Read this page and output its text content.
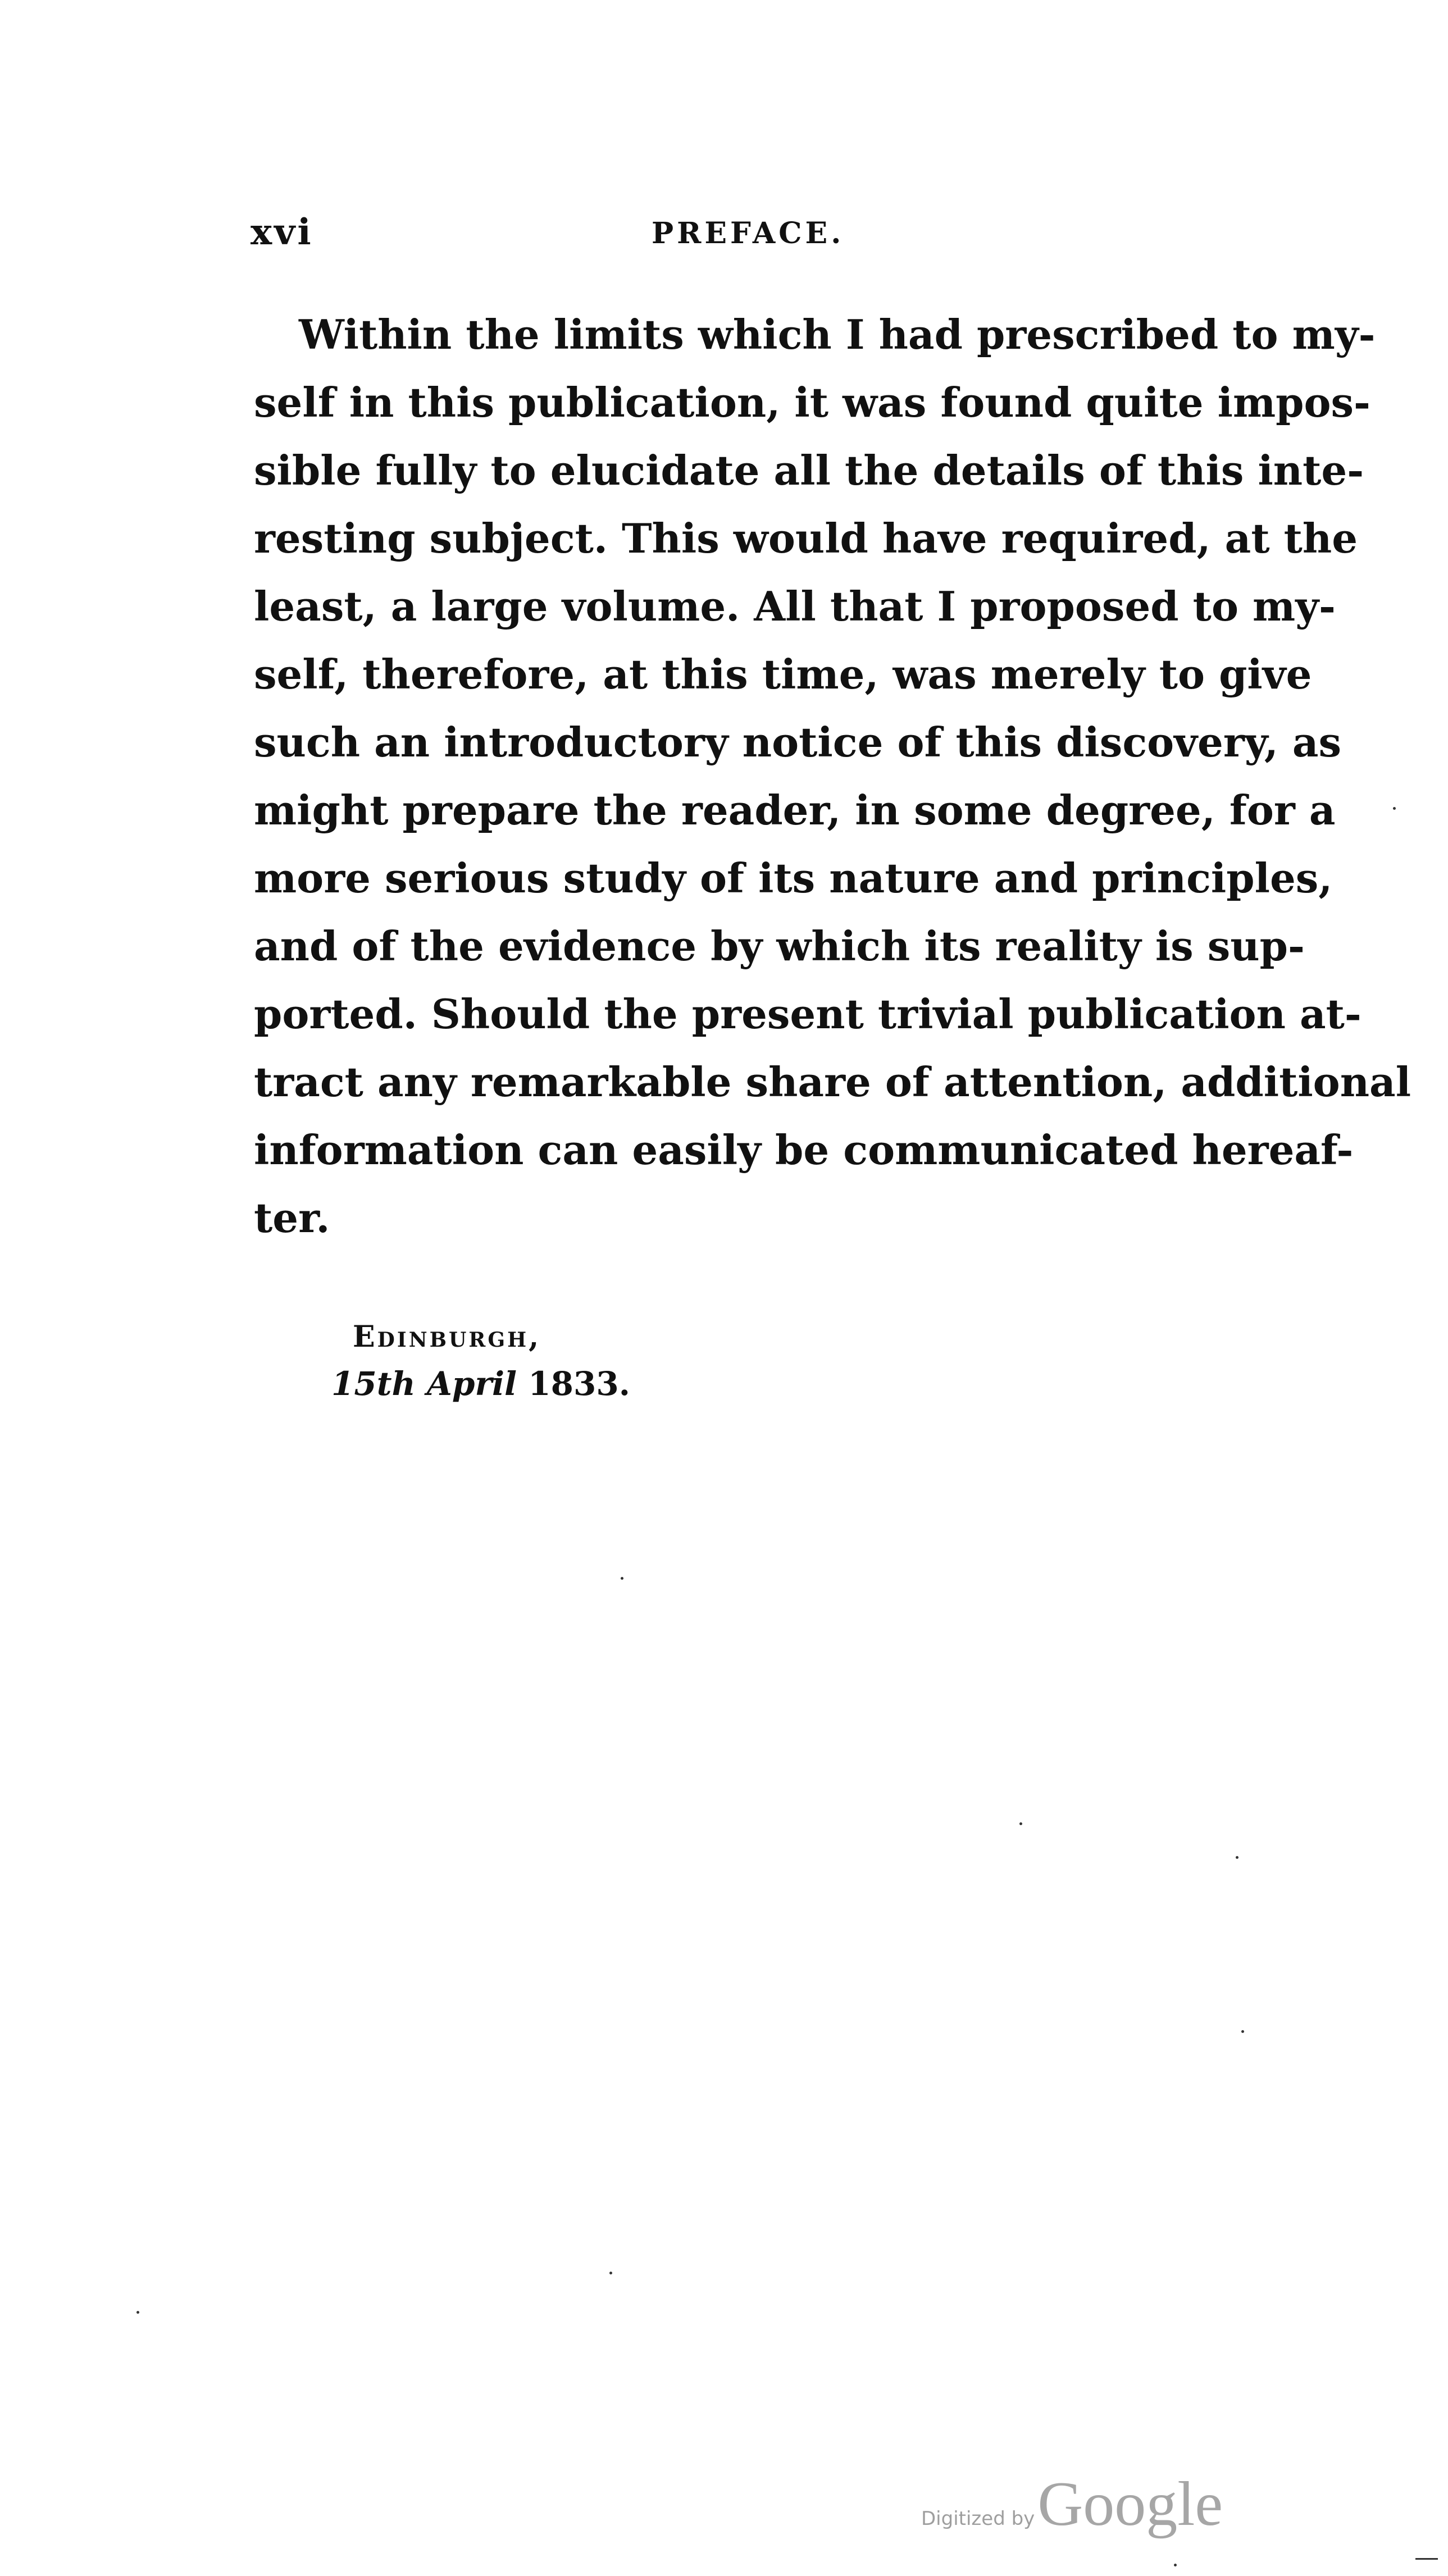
xvi	PREFACE.
Within the limits which I had prescribed to my-
self in this publication, it was found quite impos-
sible fully to elucidate all the details of this inte-
resting subject. This would have required, at the
least, a large volume. All that I proposed to my-
self, therefore, at this time, was merely to give
such an introductory notice of this discovery, as
might prepare the reader, in some degree, for a
more serious study of its nature and principles,
and of the evidence by which its reality is sup-
ported. Should the present trivial publication at-
tract any remarkable share of attention, additional
information can easily be communicated hereaf-
ter.
Edinburgh,
15th April 1833.
Digitized by Google
